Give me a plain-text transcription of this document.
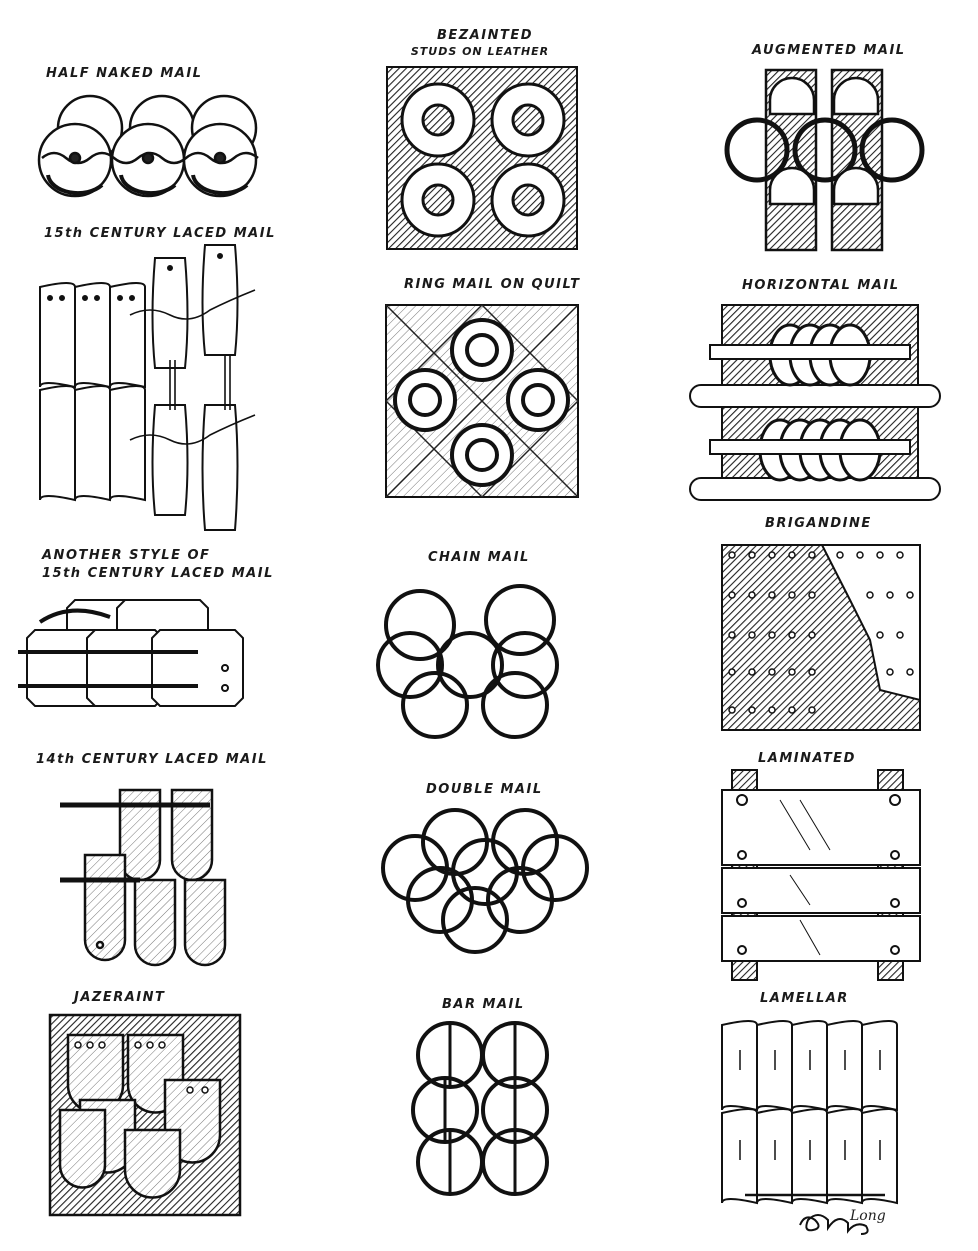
HALF NAKED MAIL
BEZAINTED
STUDS ON LEATHER	AUGMENTED MAIL
15th CENTURY LACED MAIL
RING MAIL ON QUILT	HORIZONTAL MAIL
BRIGANDINE
ANOTHER STYLE OF
15th CENTURY LACED MAIL
CHAIN MAIL
14th CENTURY LACED MAIL
DOUBLE MAIL
LAMINATED
JAZERAINT	BAR MAIL	LAMELLAR
Long
